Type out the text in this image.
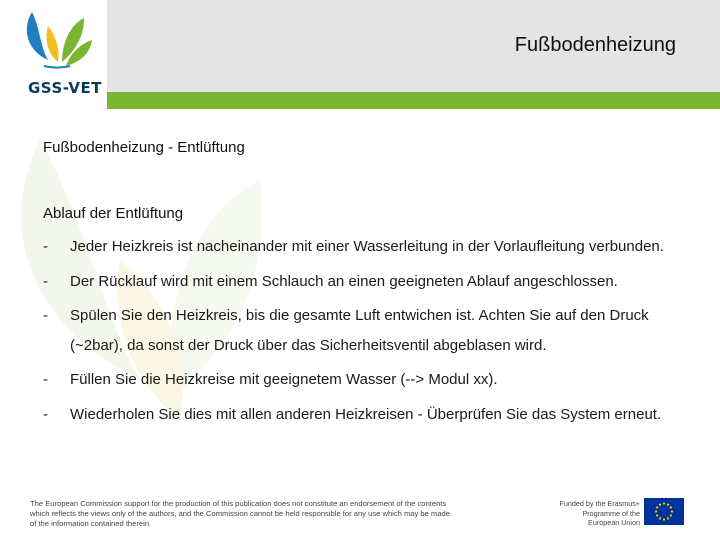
GSS-VET
Fußbodenheizung
Fußbodenheizung - Entlüftung
Ablauf der Entlüftung
- Jeder Heizkreis ist nacheinander mit einer Wasserleitung in der Vorlaufleitung verbunden.
- Der Rücklauf wird mit einem Schlauch an einen geeigneten Ablauf angeschlossen.
- Spülen Sie den Heizkreis, bis die gesamte Luft entwichen ist. Achten Sie auf den Druck (~2bar), da sonst der Druck über das Sicherheitsventil abgeblasen wird.
- Füllen Sie die Heizkreise mit geeignetem Wasser (--> Modul xx).
- Wiederholen Sie dies mit allen anderen Heizkreisen - Überprüfen Sie das System erneut.
The European Commission support for the production of this publication does not constitute an endorsement of the contents which reflects the views only of the authors, and the Commission cannot be held responsible for any use which may be made of the information contained therein.
Funded by the Erasmus+ Programme of the European Union
